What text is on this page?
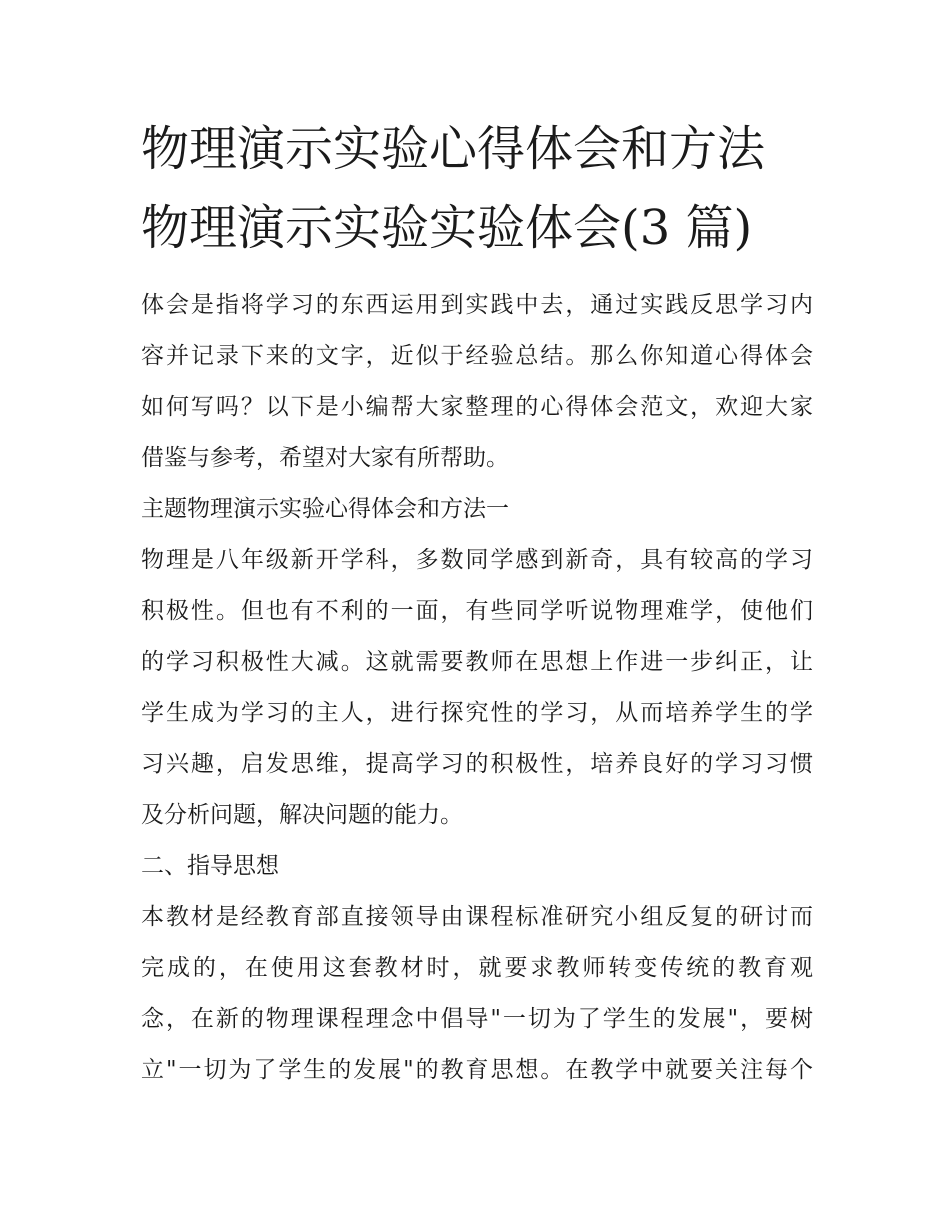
物理演示实验心得体会和方法
物理演示实验实验体会(3 篇)

体会是指将学习的东西运用到实践中去，通过实践反思学习内
容并记录下来的文字，近似于经验总结。那么你知道心得体会
如何写吗？以下是小编帮大家整理的心得体会范文，欢迎大家
借鉴与参考，希望对大家有所帮助。

主题物理演示实验心得体会和方法一

物理是八年级新开学科，多数同学感到新奇，具有较高的学习
积极性。但也有不利的一面，有些同学听说物理难学，使他们
的学习积极性大减。这就需要教师在思想上作进一步纠正，让
学生成为学习的主人，进行探究性的学习，从而培养学生的学
习兴趣，启发思维，提高学习的积极性，培养良好的学习习惯
及分析问题，解决问题的能力。

二、指导思想

本教材是经教育部直接领导由课程标准研究小组反复的研讨而
完成的，在使用这套教材时，就要求教师转变传统的教育观
念，在新的物理课程理念中倡导"一切为了学生的发展"，要树
立"一切为了学生的发展"的教育思想。在教学中就要关注每个
